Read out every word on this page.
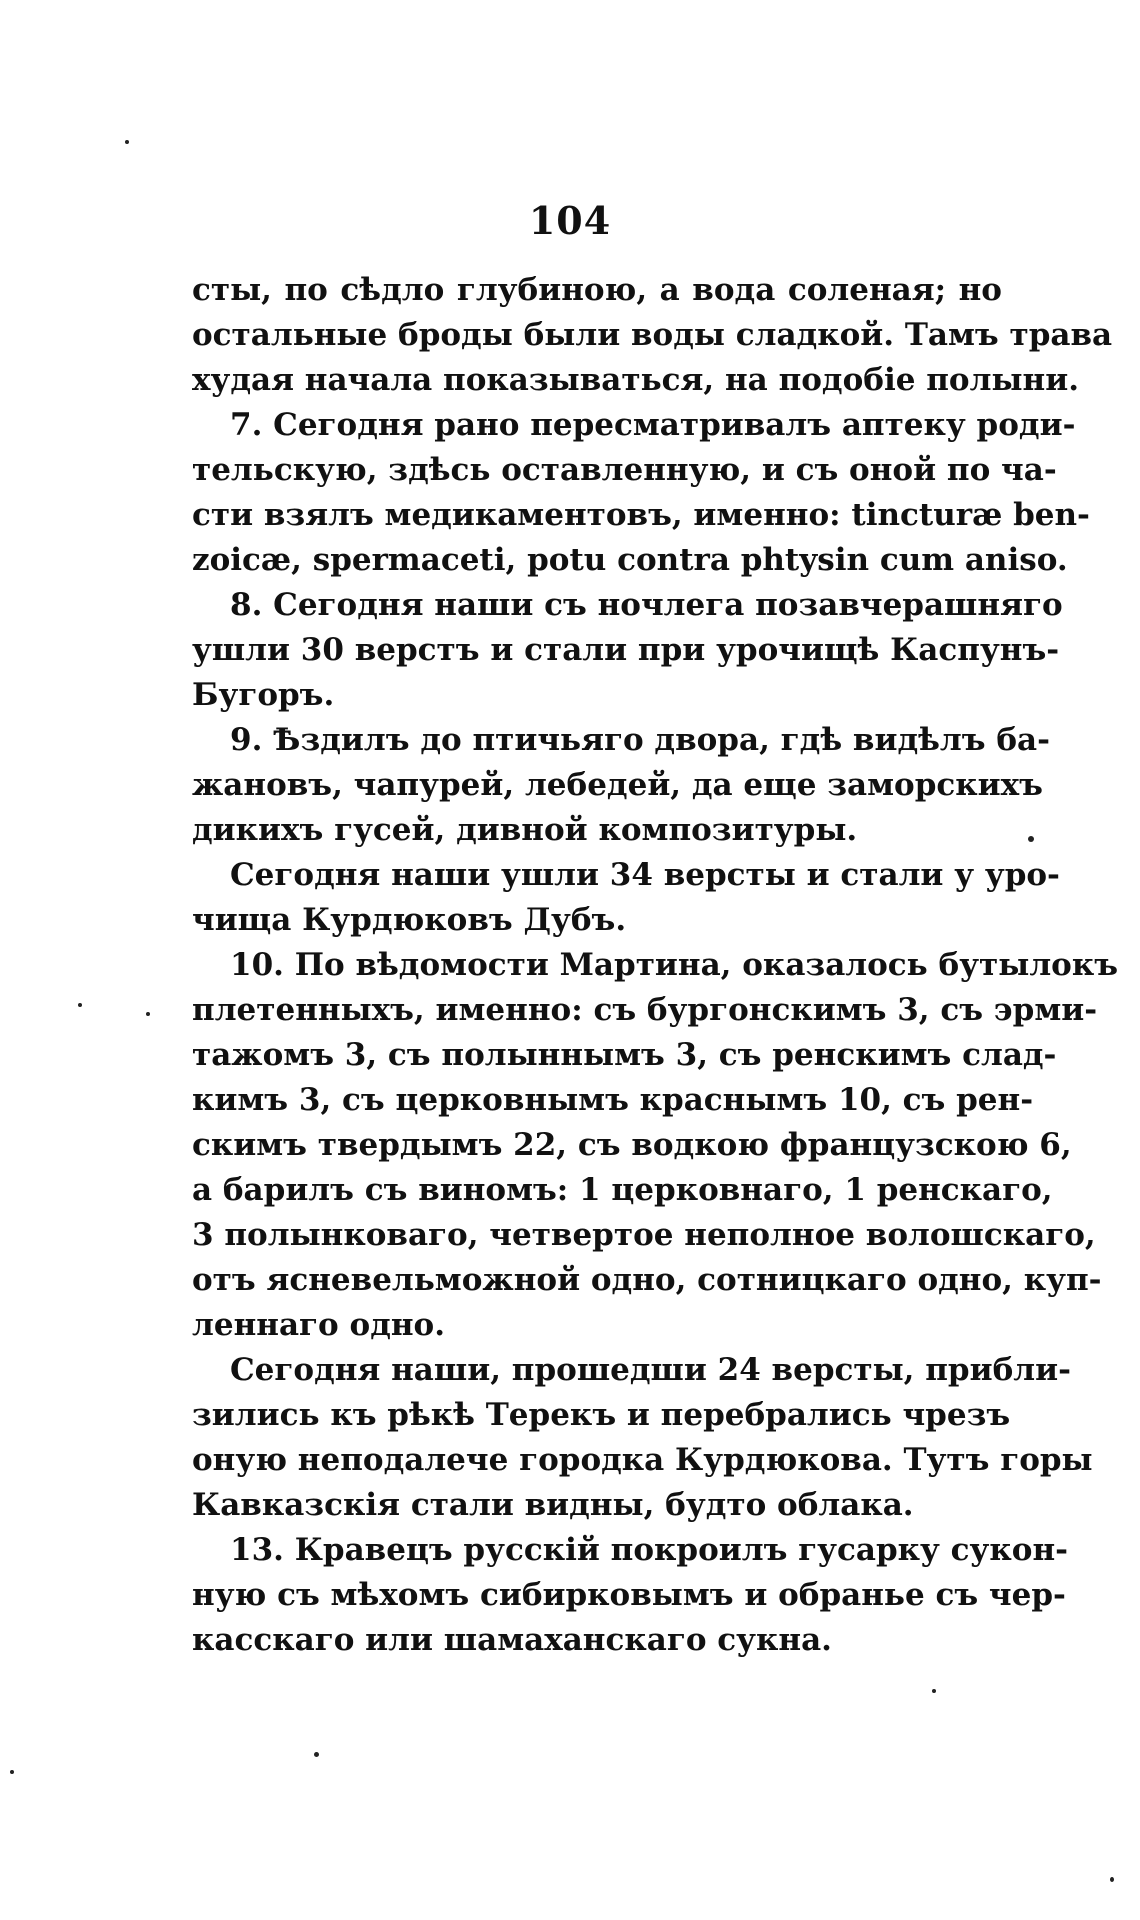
104
сты, по сѣдло глубиною, а вода соленая; но
остальные броды были воды сладкой. Тамъ трава
худая начала показываться, на подобіе полыни.
7. Сегодня рано пересматривалъ аптеку роди-
тельскую, здѣсь оставленную, и съ оной по ча-
сти взялъ медикаментовъ, именно: tincturæ ben-
zoicæ, spermaceti, potu contra phtysin cum aniso.
8. Сегодня наши съ ночлега позавчерашняго
ушли 30 верстъ и стали при урочищѣ Каспунъ-
Бугоръ.
9. Ѣздилъ до птичьяго двора, гдѣ видѣлъ ба-
жановъ, чапурей, лебедей, да еще заморскихъ
дикихъ гусей, дивной композитуры.
Сегодня наши ушли 34 версты и стали у уро-
чища Курдюковъ Дубъ.
10. По вѣдомости Мартина, оказалось бутылокъ
плетенныхъ, именно: съ бургонскимъ 3, съ эрми-
тажомъ 3, съ полыннымъ 3, съ ренскимъ слад-
кимъ 3, съ церковнымъ краснымъ 10, съ рен-
скимъ твердымъ 22, съ водкою французскою 6,
а барилъ съ виномъ: 1 церковнаго, 1 ренскаго,
3 полынковаго, четвертое неполное волошскаго,
отъ ясневельможной одно, сотницкаго одно, куп-
леннаго одно.
Сегодня наши, прошедши 24 версты, прибли-
зились къ рѣкѣ Терекъ и перебрались чрезъ
оную неподалече городка Курдюкова. Тутъ горы
Кавказскія стали видны, будто облака.
13. Кравецъ русскій покроилъ гусарку сукон-
ную съ мѣхомъ сибирковымъ и обранье съ чер-
касскаго или шамаханскаго сукна.
